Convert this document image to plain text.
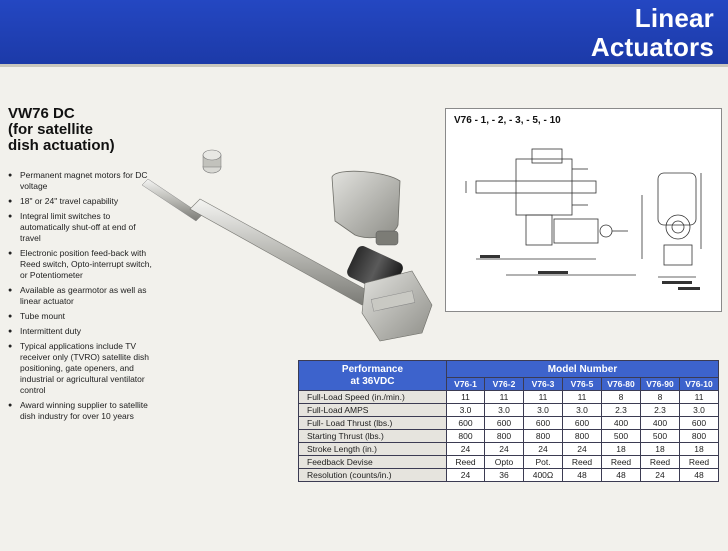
Linear
Actuators
VW76 DC
(for satellite
dish actuation)
● Permanent magnet motors for DC voltage
● 18" or 24" travel capability
● Integral limit switches to automatically shut-off at end of travel
● Electronic position feed-back with Reed switch, Opto-interrupt switch, or Potentiometer
● Available as gearmotor as well as linear actuator
● Tube mount
● Intermittent duty
● Typical applications include TV receiver only (TVRO) satellite dish positioning, gate openers, and industrial or agricultural ventilator control
● Award winning supplier to satellite dish industry for over 10 years
V76 - 1, - 2, - 3, - 5, - 10
Performance
at 36VDC	Model Number						
	V76-1	V76-2	V76-3	V76-5	V76-80	V76-90	V76-10
Full-Load Speed (in./min.)	11	11	11	11	8	8	11
Full-Load AMPS	3.0	3.0	3.0	3.0	2.3	2.3	3.0
Full- Load Thrust (lbs.)	600	600	600	600	400	400	600
Starting Thrust (lbs.)	800	800	800	800	500	500	800
Stroke Length (in.)	24	24	24	24	18	18	18
Feedback Devise	Reed	Opto	Pot.	Reed	Reed	Reed	Reed
Resolution (counts/in.)	24	36	400Ω	48	48	24	48
